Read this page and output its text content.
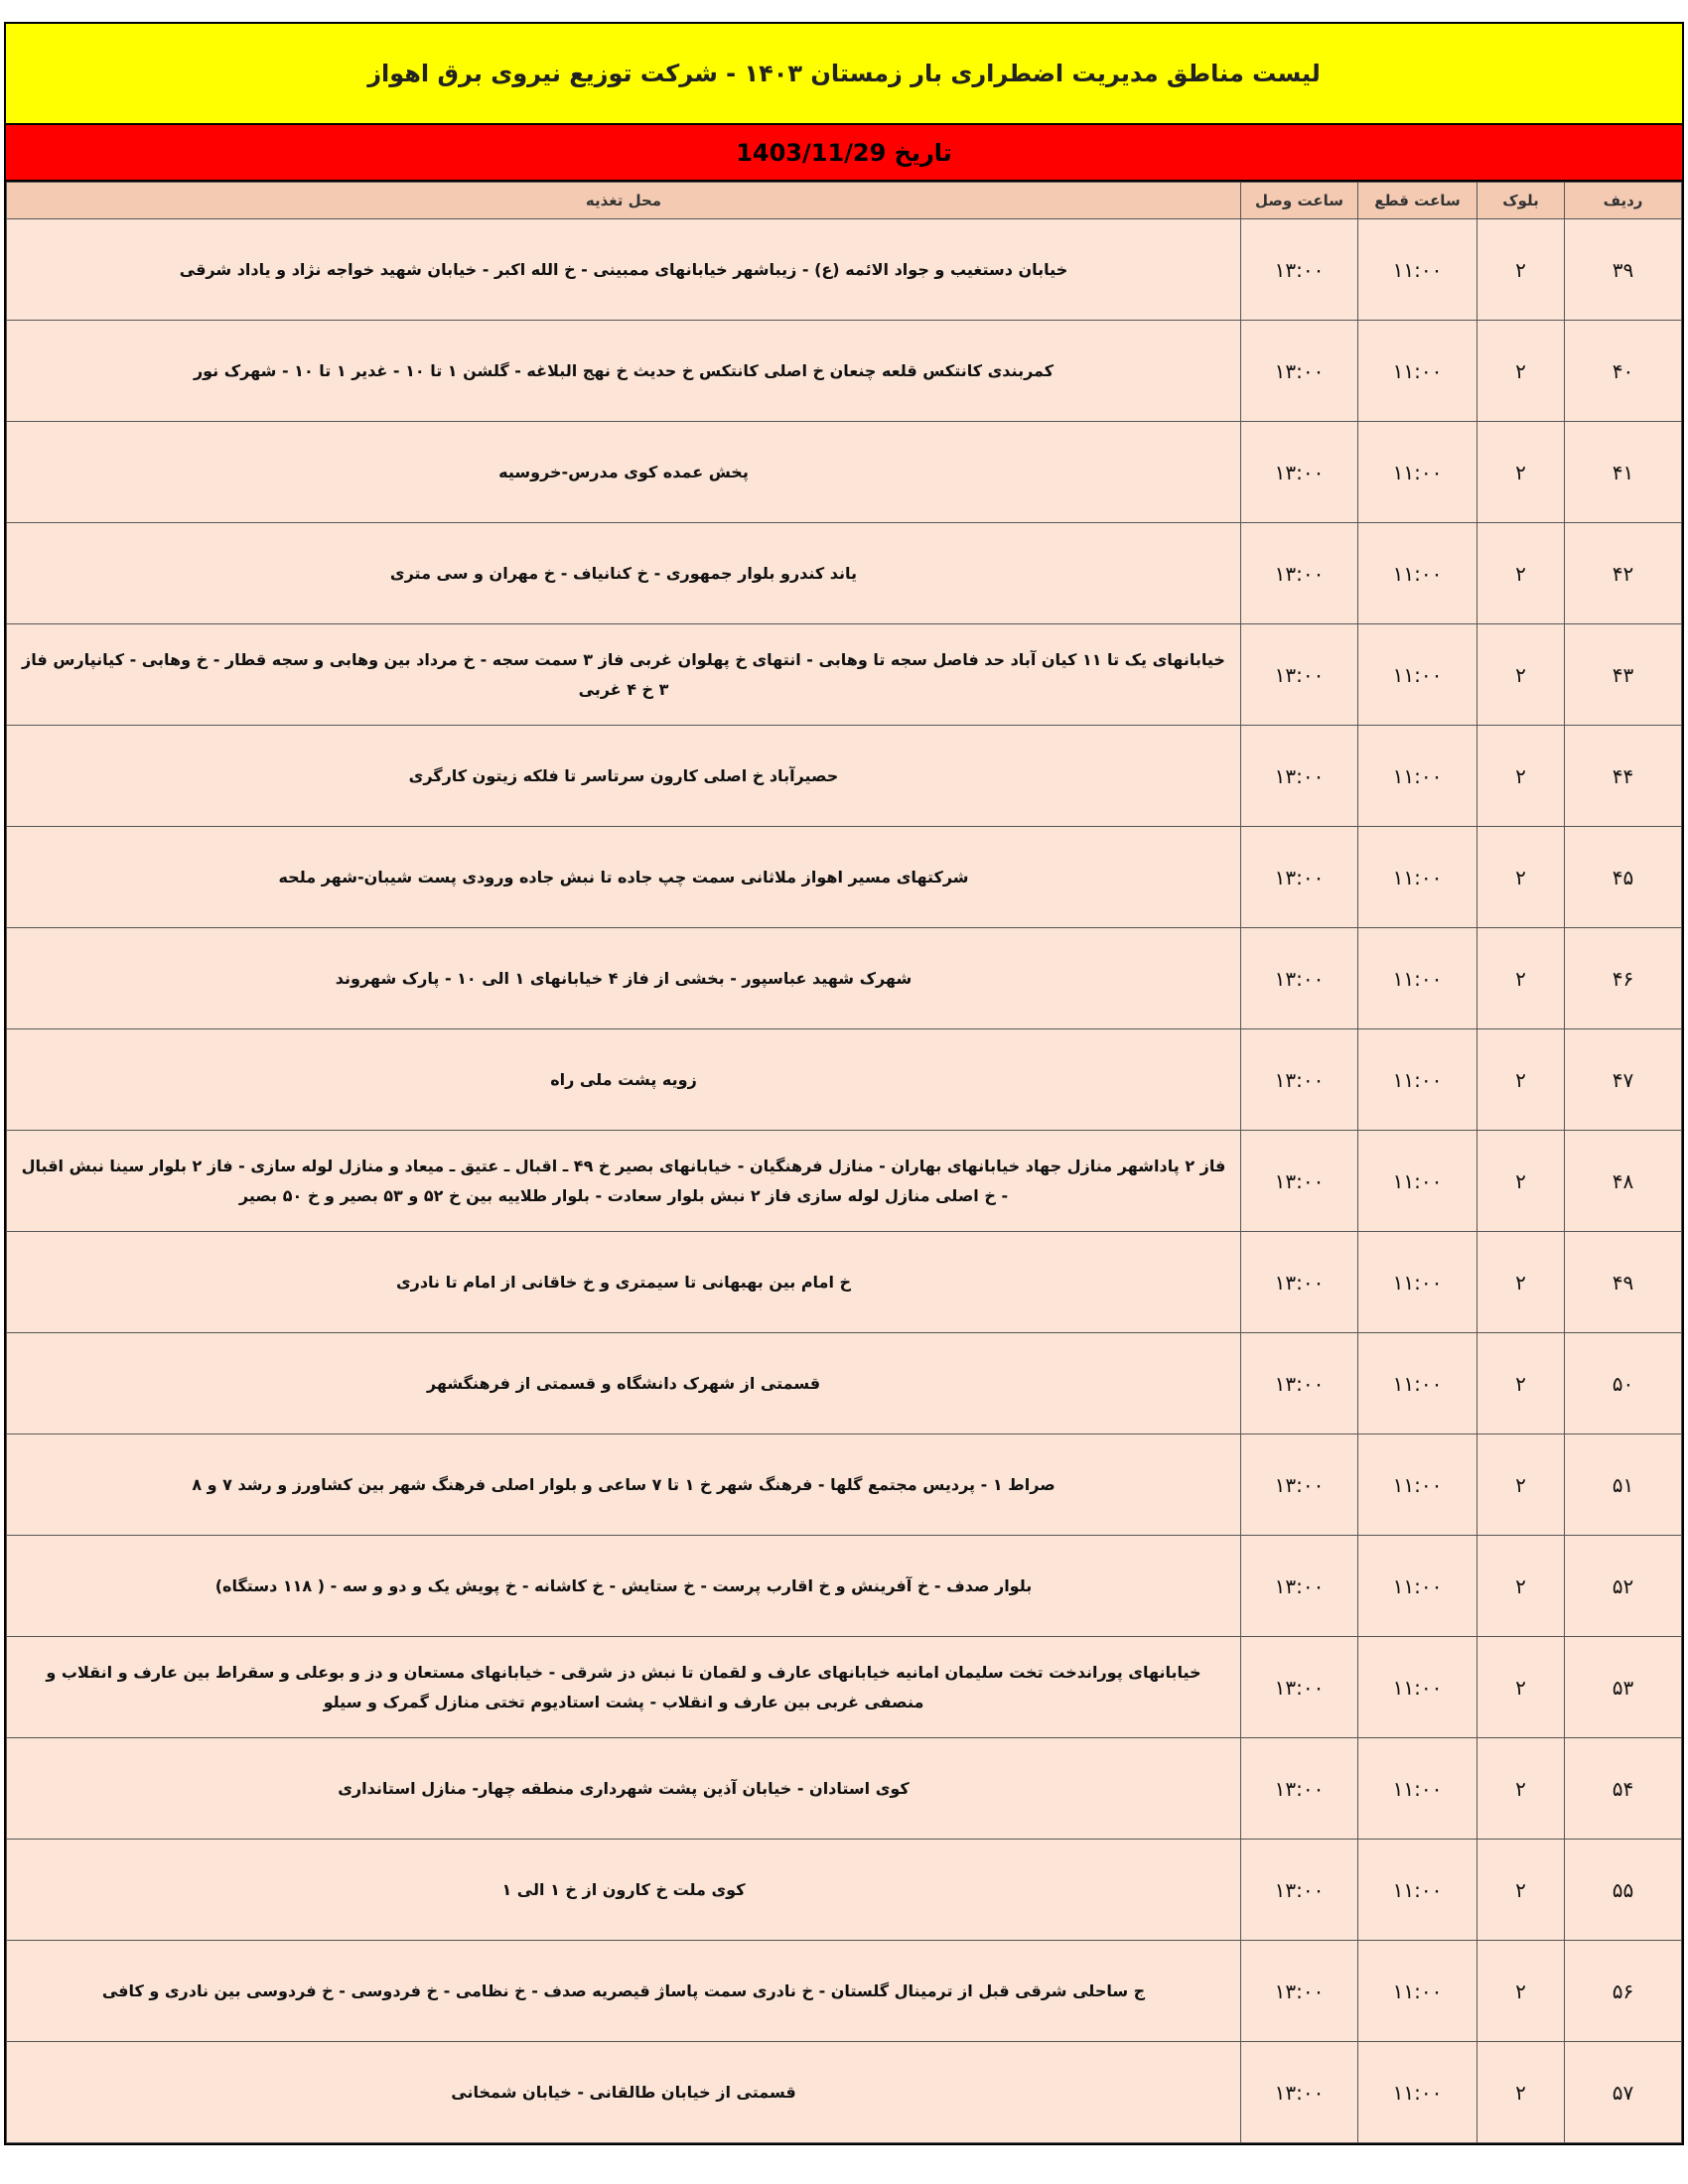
لیست مناطق مدیریت اضطراری بار زمستان ۱۴۰۳ - شرکت توزیع نیروی برق اهواز
تاریخ 1403/11/29
ردیف	بلوک	ساعت قطع	ساعت وصل	محل تغذیه
۳۹	۲	۱۱:۰۰	۱۳:۰۰	خیابان دستغیب و جواد الائمه (ع) - زیباشهر خیابانهای ممبینی - خ الله اکبر - خیابان شهید خواجه نژاد و یاداد شرقی
۴۰	۲	۱۱:۰۰	۱۳:۰۰	کمربندی کانتکس قلعه چنعان خ اصلی کانتکس خ حدیث خ نهج البلاغه - گلشن ۱ تا ۱۰ - غدیر ۱ تا ۱۰ - شهرک نور
۴۱	۲	۱۱:۰۰	۱۳:۰۰	پخش عمده کوی مدرس-خروسیه
۴۲	۲	۱۱:۰۰	۱۳:۰۰	یاند کندرو بلوار جمهوری - خ کنانیاف - خ مهران و سی متری
۴۳	۲	۱۱:۰۰	۱۳:۰۰	خیابانهای یک تا ۱۱ کیان آباد حد فاصل سجه تا وهابی - انتهای خ پهلوان غربی فاز ۳ سمت سجه - خ مرداد بین وهابی و سجه قطار - خ وهابی - کیانپارس فاز ۳ خ ۴ غربی
۴۴	۲	۱۱:۰۰	۱۳:۰۰	حصیرآباد خ اصلی کارون سرتاسر تا فلکه زیتون کارگری
۴۵	۲	۱۱:۰۰	۱۳:۰۰	شرکتهای مسیر اهواز ملاثانی سمت چپ جاده تا نبش جاده ورودی پست شیبان-شهر ملحه
۴۶	۲	۱۱:۰۰	۱۳:۰۰	شهرک شهید عباسپور - بخشی از فاز ۴ خیابانهای ۱ الی ۱۰ - پارک شهروند
۴۷	۲	۱۱:۰۰	۱۳:۰۰	زویه پشت ملی راه
۴۸	۲	۱۱:۰۰	۱۳:۰۰	فاز ۲ پاداشهر منازل جهاد خیابانهای بهاران - منازل فرهنگیان - خیابانهای بصیر خ ۴۹ ـ اقبال ـ عتیق ـ میعاد و منازل لوله سازی - فاز ۲ بلوار سینا نبش اقبال - خ اصلی منازل لوله سازی فاز ۲ نبش بلوار سعادت - بلوار طلاییه بین خ ۵۲ و ۵۳ بصیر و خ ۵۰ بصیر
۴۹	۲	۱۱:۰۰	۱۳:۰۰	خ امام بین بهبهانی تا سیمتری و خ خاقانی از امام تا نادری
۵۰	۲	۱۱:۰۰	۱۳:۰۰	قسمتی از شهرک دانشگاه و قسمتی از فرهنگشهر
۵۱	۲	۱۱:۰۰	۱۳:۰۰	صراط ۱ - پردیس مجتمع گلها - فرهنگ شهر خ ۱ تا ۷ ساعی و بلوار اصلی فرهنگ شهر بین کشاورز و رشد ۷ و ۸
۵۲	۲	۱۱:۰۰	۱۳:۰۰	بلوار صدف - خ آفرینش و خ اقارب پرست - خ ستایش - خ کاشانه - خ پویش یک و دو و سه - ( ۱۱۸ دستگاه)
۵۳	۲	۱۱:۰۰	۱۳:۰۰	خیابانهای پوراندخت تخت سلیمان امانیه خیابانهای عارف و لقمان تا نبش دز شرقی - خیابانهای مستعان و دز و بوعلی و سقراط بین عارف و انقلاب و منصفی غربی بین عارف و انقلاب - پشت استادیوم تختی منازل گمرک و سیلو
۵۴	۲	۱۱:۰۰	۱۳:۰۰	کوی استادان - خیابان آذین پشت شهرداری منطقه چهار- منازل استانداری
۵۵	۲	۱۱:۰۰	۱۳:۰۰	کوی ملت خ کارون از خ ۱ الی ۱
۵۶	۲	۱۱:۰۰	۱۳:۰۰	ج ساحلی شرقی قبل از ترمینال گلستان - خ نادری سمت پاساژ قیصریه صدف - خ نظامی - خ فردوسی - خ فردوسی بین نادری و کافی
۵۷	۲	۱۱:۰۰	۱۳:۰۰	قسمتی از خیابان طالقانی - خیابان شمخانی
